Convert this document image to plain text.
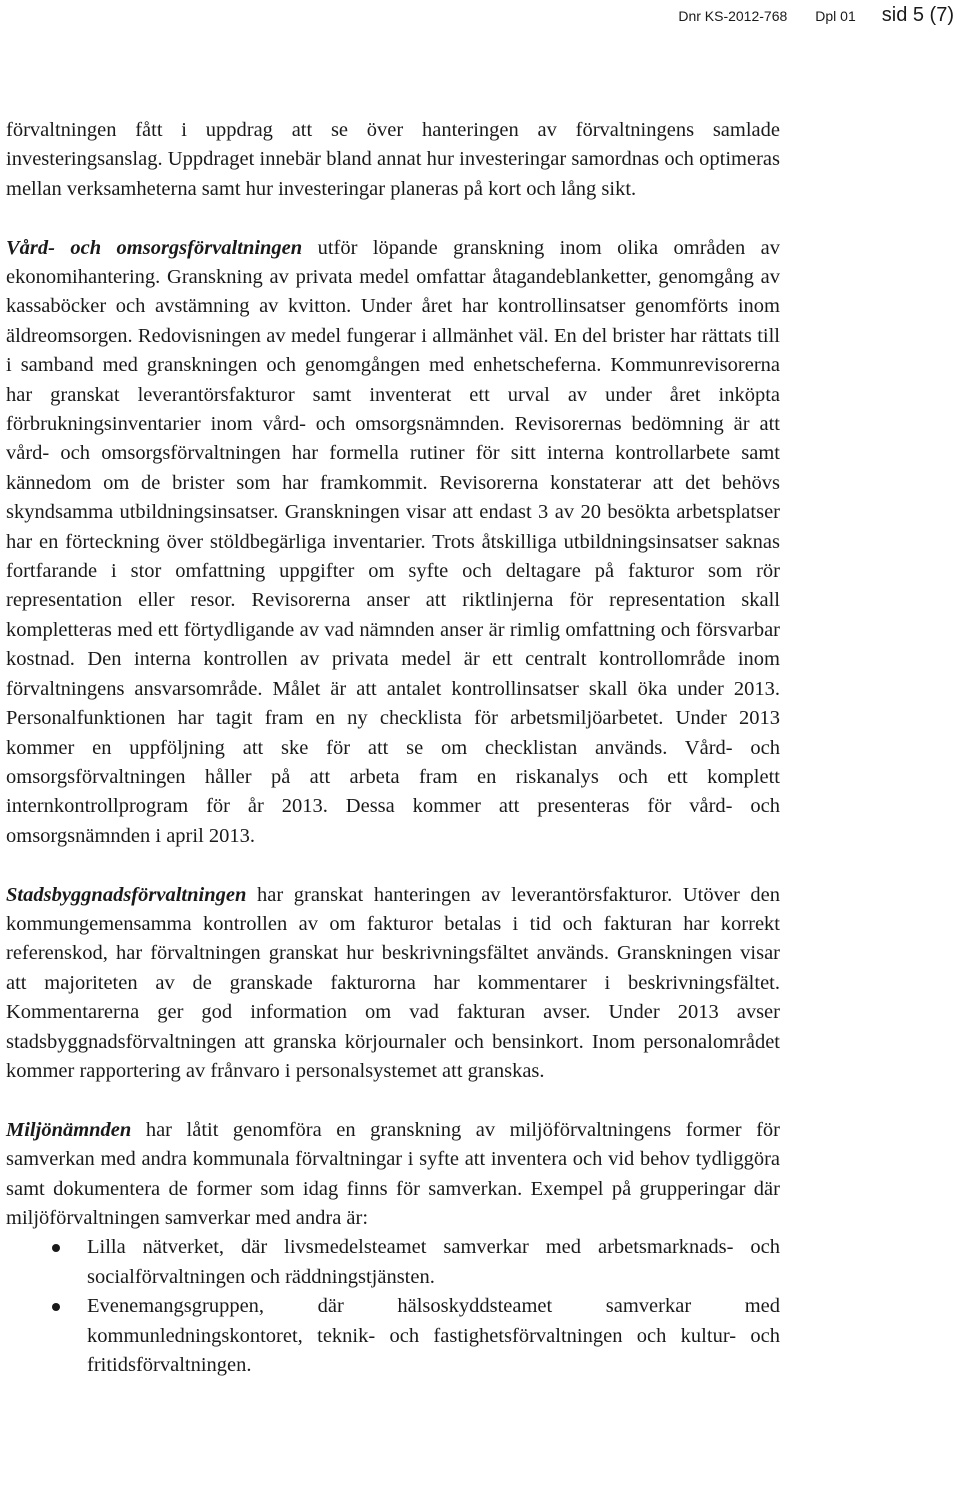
Dnr KS-2012-768 Dpl 01 sid 5 (7)

förvaltningen fått i uppdrag att se över hanteringen av förvaltningens samlade investeringsanslag. Uppdraget innebär bland annat hur investeringar samordnas och optimeras mellan verksamheterna samt hur investeringar planeras på kort och lång sikt.

Vård- och omsorgsförvaltningen utför löpande granskning inom olika områden av ekonomihantering. Granskning av privata medel omfattar åtagandeblanketter, genomgång av kassaböcker och avstämning av kvitton. Under året har kontrollinsatser genomförts inom äldreomsorgen. Redovisningen av medel fungerar i allmänhet väl. En del brister har rättats till i samband med granskningen och genomgången med enhetscheferna. Kommunrevisorerna har granskat leverantörsfakturor samt inventerat ett urval av under året inköpta förbrukningsinventarier inom vård- och omsorgsnämnden. Revisorernas bedömning är att vård- och omsorgsförvaltningen har formella rutiner för sitt interna kontrollarbete samt kännedom om de brister som har framkommit. Revisorerna konstaterar att det behövs skyndsamma utbildningsinsatser. Granskningen visar att endast 3 av 20 besökta arbetsplatser har en förteckning över stöldbegärliga inventarier. Trots åtskilliga utbildningsinsatser saknas fortfarande i stor omfattning uppgifter om syfte och deltagare på fakturor som rör representation eller resor. Revisorerna anser att riktlinjerna för representation skall kompletteras med ett förtydligande av vad nämnden anser är rimlig omfattning och försvarbar kostnad. Den interna kontrollen av privata medel är ett centralt kontrollområde inom förvaltningens ansvarsområde. Målet är att antalet kontrollinsatser skall öka under 2013. Personalfunktionen har tagit fram en ny checklista för arbetsmiljöarbetet. Under 2013 kommer en uppföljning att ske för att se om checklistan används. Vård- och omsorgsförvaltningen håller på att arbeta fram en riskanalys och ett komplett internkontrollprogram för år 2013. Dessa kommer att presenteras för vård- och omsorgsnämnden i april 2013.

Stadsbyggnadsförvaltningen har granskat hanteringen av leverantörsfakturor. Utöver den kommungemensamma kontrollen av om fakturor betalas i tid och fakturan har korrekt referenskod, har förvaltningen granskat hur beskrivningsfältet används. Granskningen visar att majoriteten av de granskade fakturorna har kommentarer i beskrivningsfältet. Kommentarerna ger god information om vad fakturan avser. Under 2013 avser stadsbyggnadsförvaltningen att granska körjournaler och bensinkort. Inom personalområdet kommer rapportering av frånvaro i personalsystemet att granskas.

Miljönämnden har låtit genomföra en granskning av miljöförvaltningens former för samverkan med andra kommunala förvaltningar i syfte att inventera och vid behov tydliggöra samt dokumentera de former som idag finns för samverkan. Exempel på grupperingar där miljöförvaltningen samverkar med andra är:

Lilla nätverket, där livsmedelsteamet samverkar med arbetsmarknads- och socialförvaltningen och räddningstjänsten.
Evenemangsgruppen, där hälsoskyddsteamet samverkar med kommunledningskontoret, teknik- och fastighetsförvaltningen och kultur- och fritidsförvaltningen.
